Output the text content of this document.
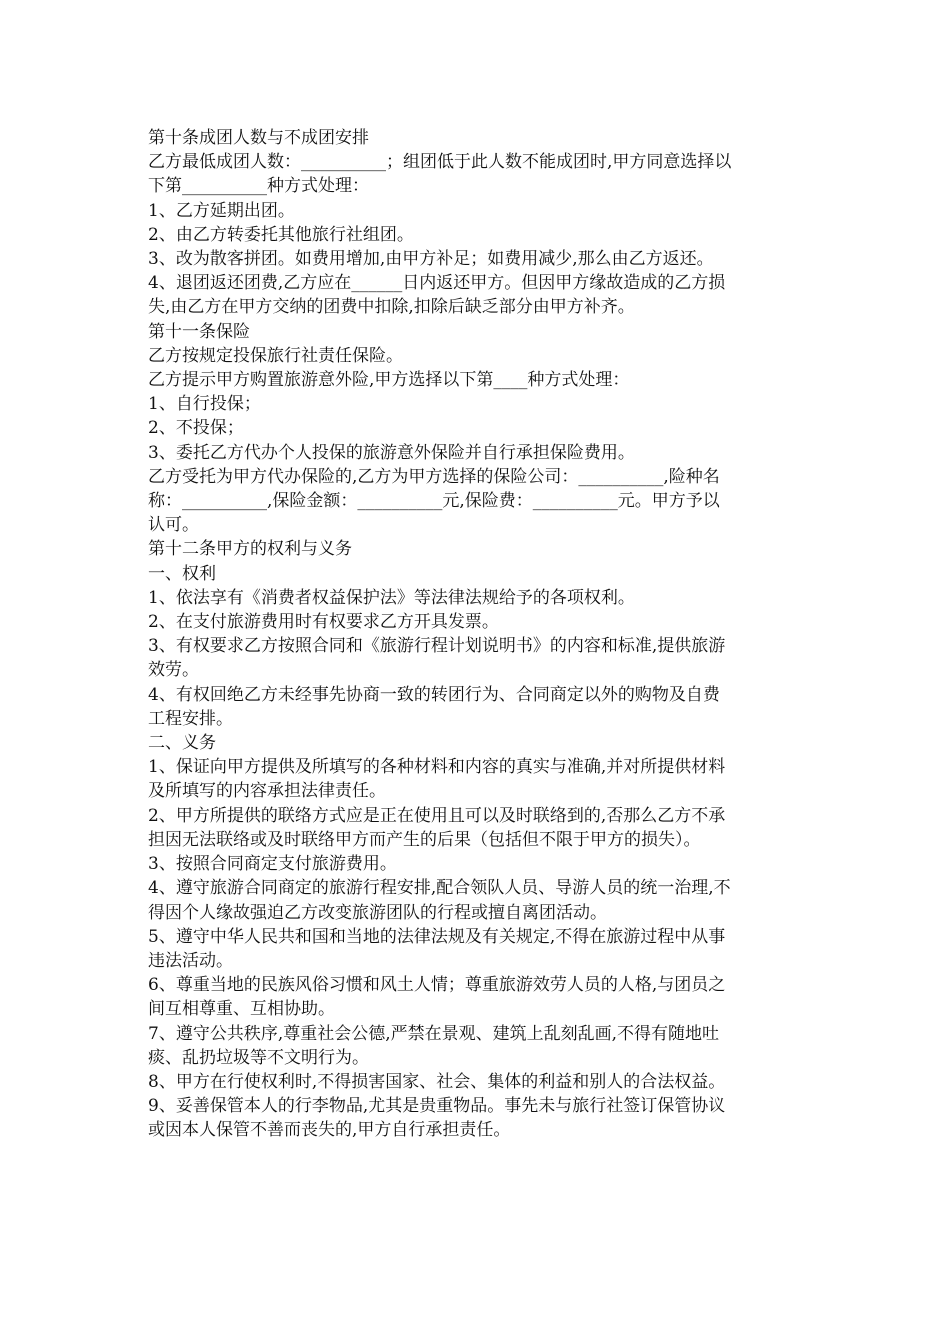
第十条成团人数与不成团安排

乙方最低成团人数：__________；组团低于此人数不能成团时,甲方同意选择以

下第__________种方式处理：

1、乙方延期出团。

2、由乙方转委托其他旅行社组团。

3、改为散客拼团。如费用增加,由甲方补足；如费用减少,那么由乙方返还。

4、退团返还团费,乙方应在______日内返还甲方。但因甲方缘故造成的乙方损

失,由乙方在甲方交纳的团费中扣除,扣除后缺乏部分由甲方补齐。

第十一条保险

乙方按规定投保旅行社责任保险。

乙方提示甲方购置旅游意外险,甲方选择以下第____种方式处理：

1、自行投保；

2、不投保；

3、委托乙方代办个人投保的旅游意外保险并自行承担保险费用。

乙方受托为甲方代办保险的,乙方为甲方选择的保险公司：__________,险种名

称：__________,保险金额：__________元,保险费：__________元。甲方予以

认可。

第十二条甲方的权利与义务

一、权利

1、依法享有《消费者权益保护法》等法律法规给予的各项权利。

2、在支付旅游费用时有权要求乙方开具发票。

3、有权要求乙方按照合同和《旅游行程计划说明书》的内容和标准,提供旅游

效劳。

4、有权回绝乙方未经事先协商一致的转团行为、合同商定以外的购物及自费

工程安排。

二、义务

1、保证向甲方提供及所填写的各种材料和内容的真实与准确,并对所提供材料

及所填写的内容承担法律责任。

2、甲方所提供的联络方式应是正在使用且可以及时联络到的,否那么乙方不承

担因无法联络或及时联络甲方而产生的后果（包括但不限于甲方的损失）。

3、按照合同商定支付旅游费用。

4、遵守旅游合同商定的旅游行程安排,配合领队人员、导游人员的统一治理,不

得因个人缘故强迫乙方改变旅游团队的行程或擅自离团活动。

5、遵守中华人民共和国和当地的法律法规及有关规定,不得在旅游过程中从事

违法活动。

6、尊重当地的民族风俗习惯和风土人情；尊重旅游效劳人员的人格,与团员之

间互相尊重、互相协助。

7、遵守公共秩序,尊重社会公德,严禁在景观、建筑上乱刻乱画,不得有随地吐

痰、乱扔垃圾等不文明行为。

8、甲方在行使权利时,不得损害国家、社会、集体的利益和别人的合法权益。

9、妥善保管本人的行李物品,尤其是贵重物品。事先未与旅行社签订保管协议

或因本人保管不善而丧失的,甲方自行承担责任。
